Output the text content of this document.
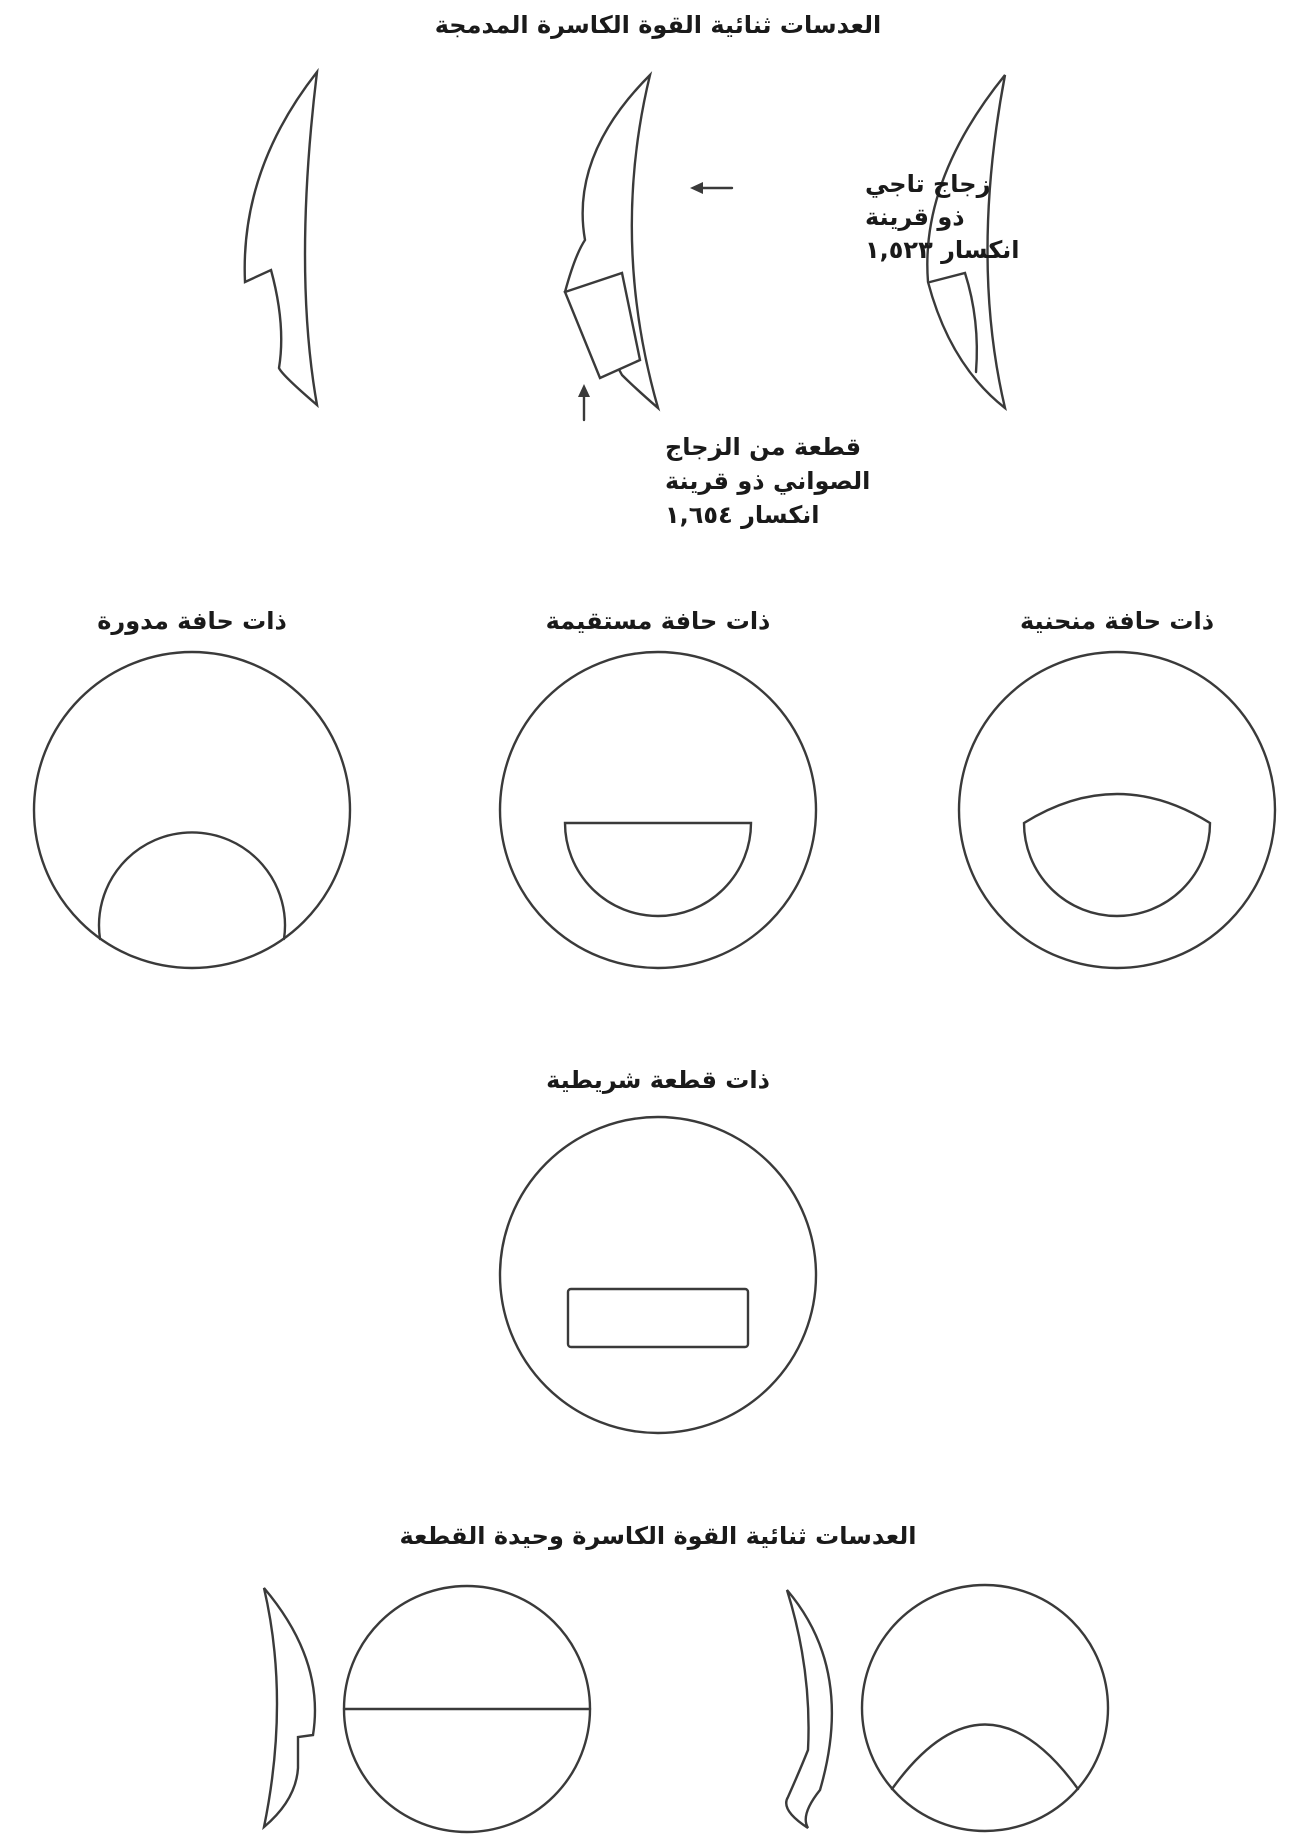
العدسات ثنائية القوة الكاسرة المدمجة
زجاج تاجي
ذو قرينة
انكسار ١,٥٢٣
قطعة من الزجاج
الصواني ذو قرينة
انكسار ١,٦٥٤
ذات حافة مدورة	ذات حافة مستقيمة	ذات حافة منحنية
ذات قطعة شريطية
العدسات ثنائية القوة الكاسرة وحيدة القطعة
